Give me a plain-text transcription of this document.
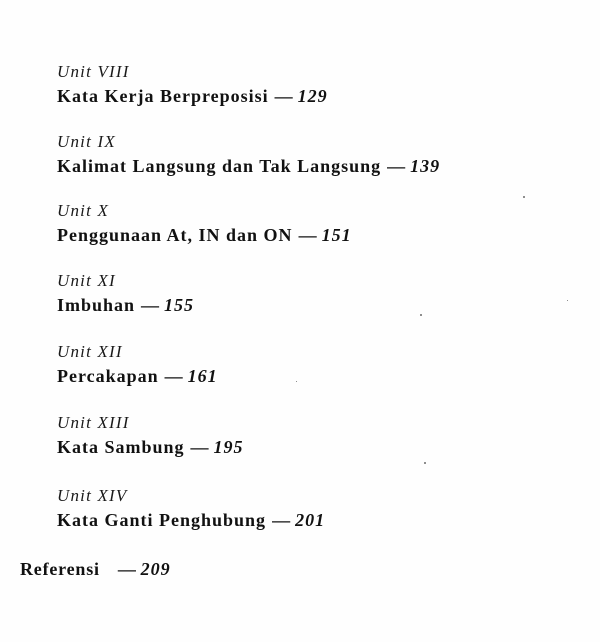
Unit VIII
Kata Kerja Berpreposisi — 129
Unit IX
Kalimat Langsung dan Tak Langsung — 139
Unit X
Penggunaan At, IN dan ON — 151
Unit XI
Imbuhan — 155
Unit XII
Percakapan — 161
Unit XIII
Kata Sambung — 195
Unit XIV
Kata Ganti Penghubung — 201
Referensi — 209
